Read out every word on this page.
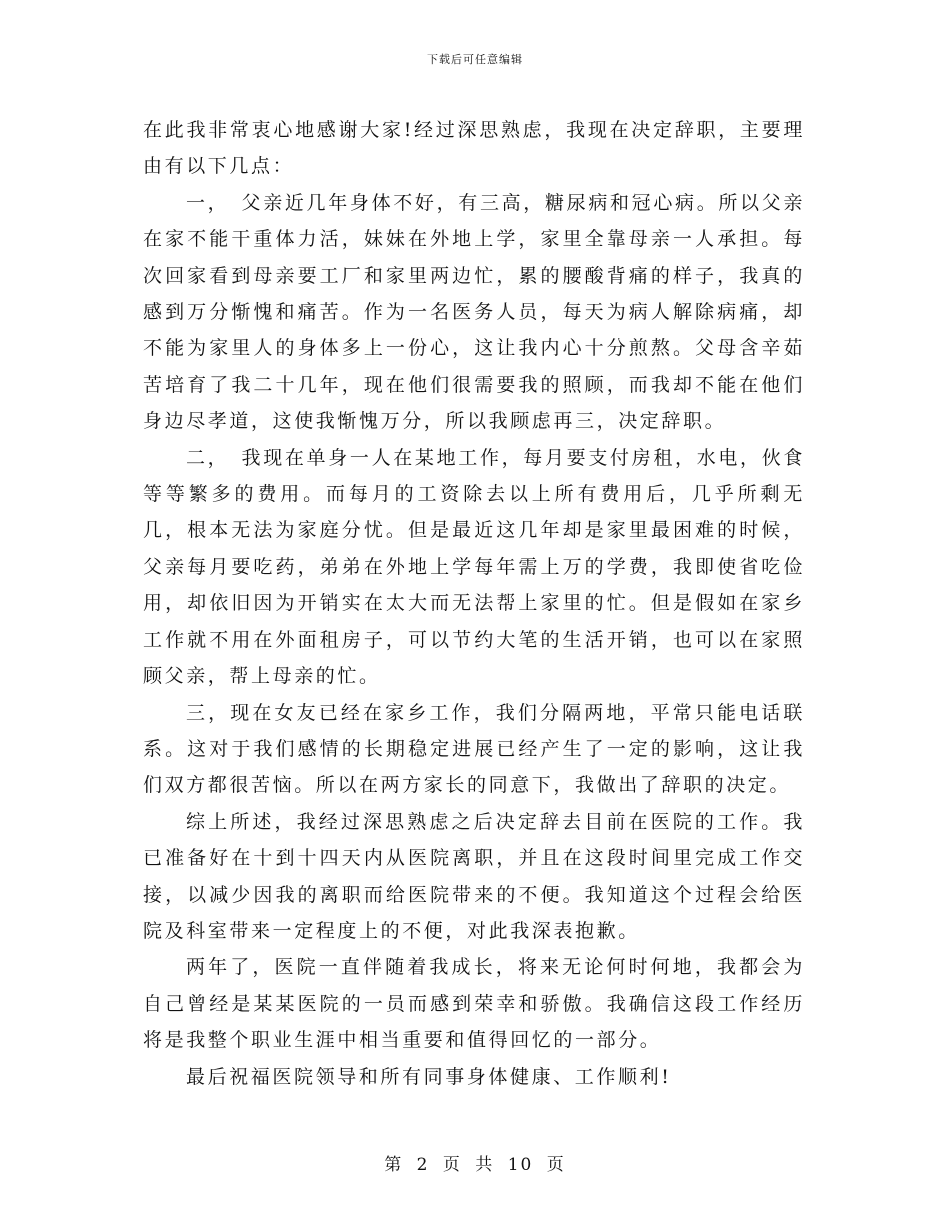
下载后可任意编辑

在此我非常衷心地感谢大家!经过深思熟虑，我现在决定辞职，主要理由有以下几点：

一，　父亲近几年身体不好，有三高，糖尿病和冠心病。所以父亲在家不能干重体力活，妹妹在外地上学，家里全靠母亲一人承担。每次回家看到母亲要工厂和家里两边忙，累的腰酸背痛的样子，我真的感到万分惭愧和痛苦。作为一名医务人员，每天为病人解除病痛，却不能为家里人的身体多上一份心，这让我内心十分煎熬。父母含辛茹苦培育了我二十几年，现在他们很需要我的照顾，而我却不能在他们身边尽孝道，这使我惭愧万分，所以我顾虑再三，决定辞职。

二，　我现在单身一人在某地工作，每月要支付房租，水电，伙食等等繁多的费用。而每月的工资除去以上所有费用后，几乎所剩无几，根本无法为家庭分忧。但是最近这几年却是家里最困难的时候，父亲每月要吃药，弟弟在外地上学每年需上万的学费，我即使省吃俭用，却依旧因为开销实在太大而无法帮上家里的忙。但是假如在家乡工作就不用在外面租房子，可以节约大笔的生活开销，也可以在家照顾父亲，帮上母亲的忙。

三，现在女友已经在家乡工作，我们分隔两地，平常只能电话联系。这对于我们感情的长期稳定进展已经产生了一定的影响，这让我们双方都很苦恼。所以在两方家长的同意下，我做出了辞职的决定。

综上所述，我经过深思熟虑之后决定辞去目前在医院的工作。我已准备好在十到十四天内从医院离职，并且在这段时间里完成工作交接，以减少因我的离职而给医院带来的不便。我知道这个过程会给医院及科室带来一定程度上的不便，对此我深表抱歉。

两年了，医院一直伴随着我成长，将来无论何时何地，我都会为自己曾经是某某医院的一员而感到荣幸和骄傲。我确信这段工作经历将是我整个职业生涯中相当重要和值得回忆的一部分。

最后祝福医院领导和所有同事身体健康、工作顺利!

第 2 页 共 10 页
